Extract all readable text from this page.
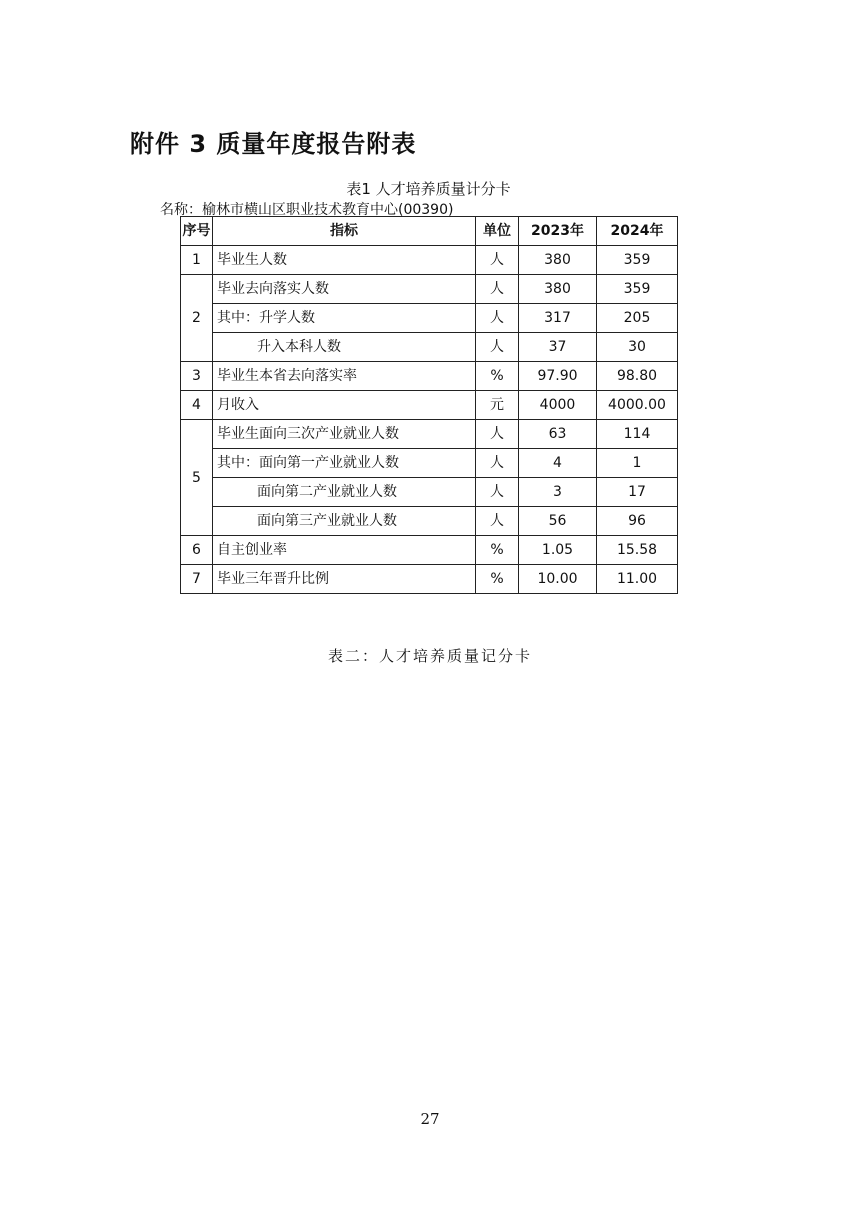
附件 3 质量年度报告附表
表1 人才培养质量计分卡
名称：榆林市横山区职业技术教育中心(00390)
序号	指标	单位	2023年	2024年
1	毕业生人数	人	380	359
2	毕业去向落实人数	人	380	359
	其中：升学人数	人	317	205
	升入本科人数	人	37	30
3	毕业生本省去向落实率	%	97.90	98.80
4	月收入	元	4000	4000.00
5	毕业生面向三次产业就业人数	人	63	114
	其中：面向第一产业就业人数	人	4	1
	面向第二产业就业人数	人	3	17
	面向第三产业就业人数	人	56	96
6	自主创业率	%	1.05	15.58
7	毕业三年晋升比例	%	10.00	11.00
表二：人才培养质量记分卡
27
